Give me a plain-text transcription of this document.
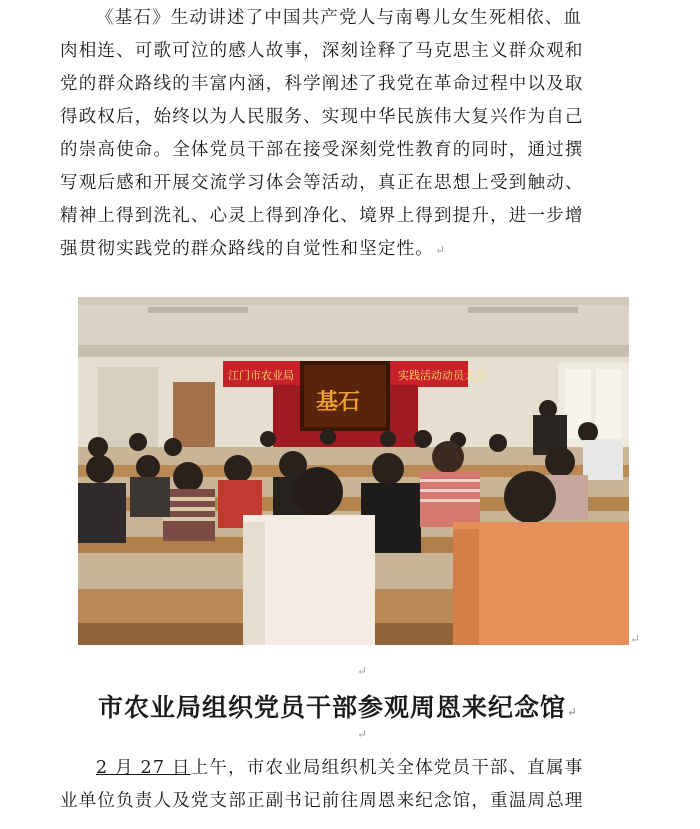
《基石》生动讲述了中国共产党人与南粤儿女生死相依、血
肉相连、可歌可泣的感人故事，深刻诠释了马克思主义群众观和
党的群众路线的丰富内涵，科学阐述了我党在革命过程中以及取
得政权后，始终以为人民服务、实现中华民族伟大复兴作为自己
的崇高使命。全体党员干部在接受深刻党性教育的同时，通过撰
写观后感和开展交流学习体会等活动，真正在思想上受到触动、
精神上得到洗礼、心灵上得到净化、境界上得到提升，进一步增
强贯彻实践党的群众路线的自觉性和坚定性。↵
江门市农业局	实践活动动员大会
基石
↵
↵
市农业局组织党员干部参观周恩来纪念馆↵
↵
2 月 27 日上午，市农业局组织机关全体党员干部、直属事
业单位负责人及党支部正副书记前往周恩来纪念馆，重温周总理
